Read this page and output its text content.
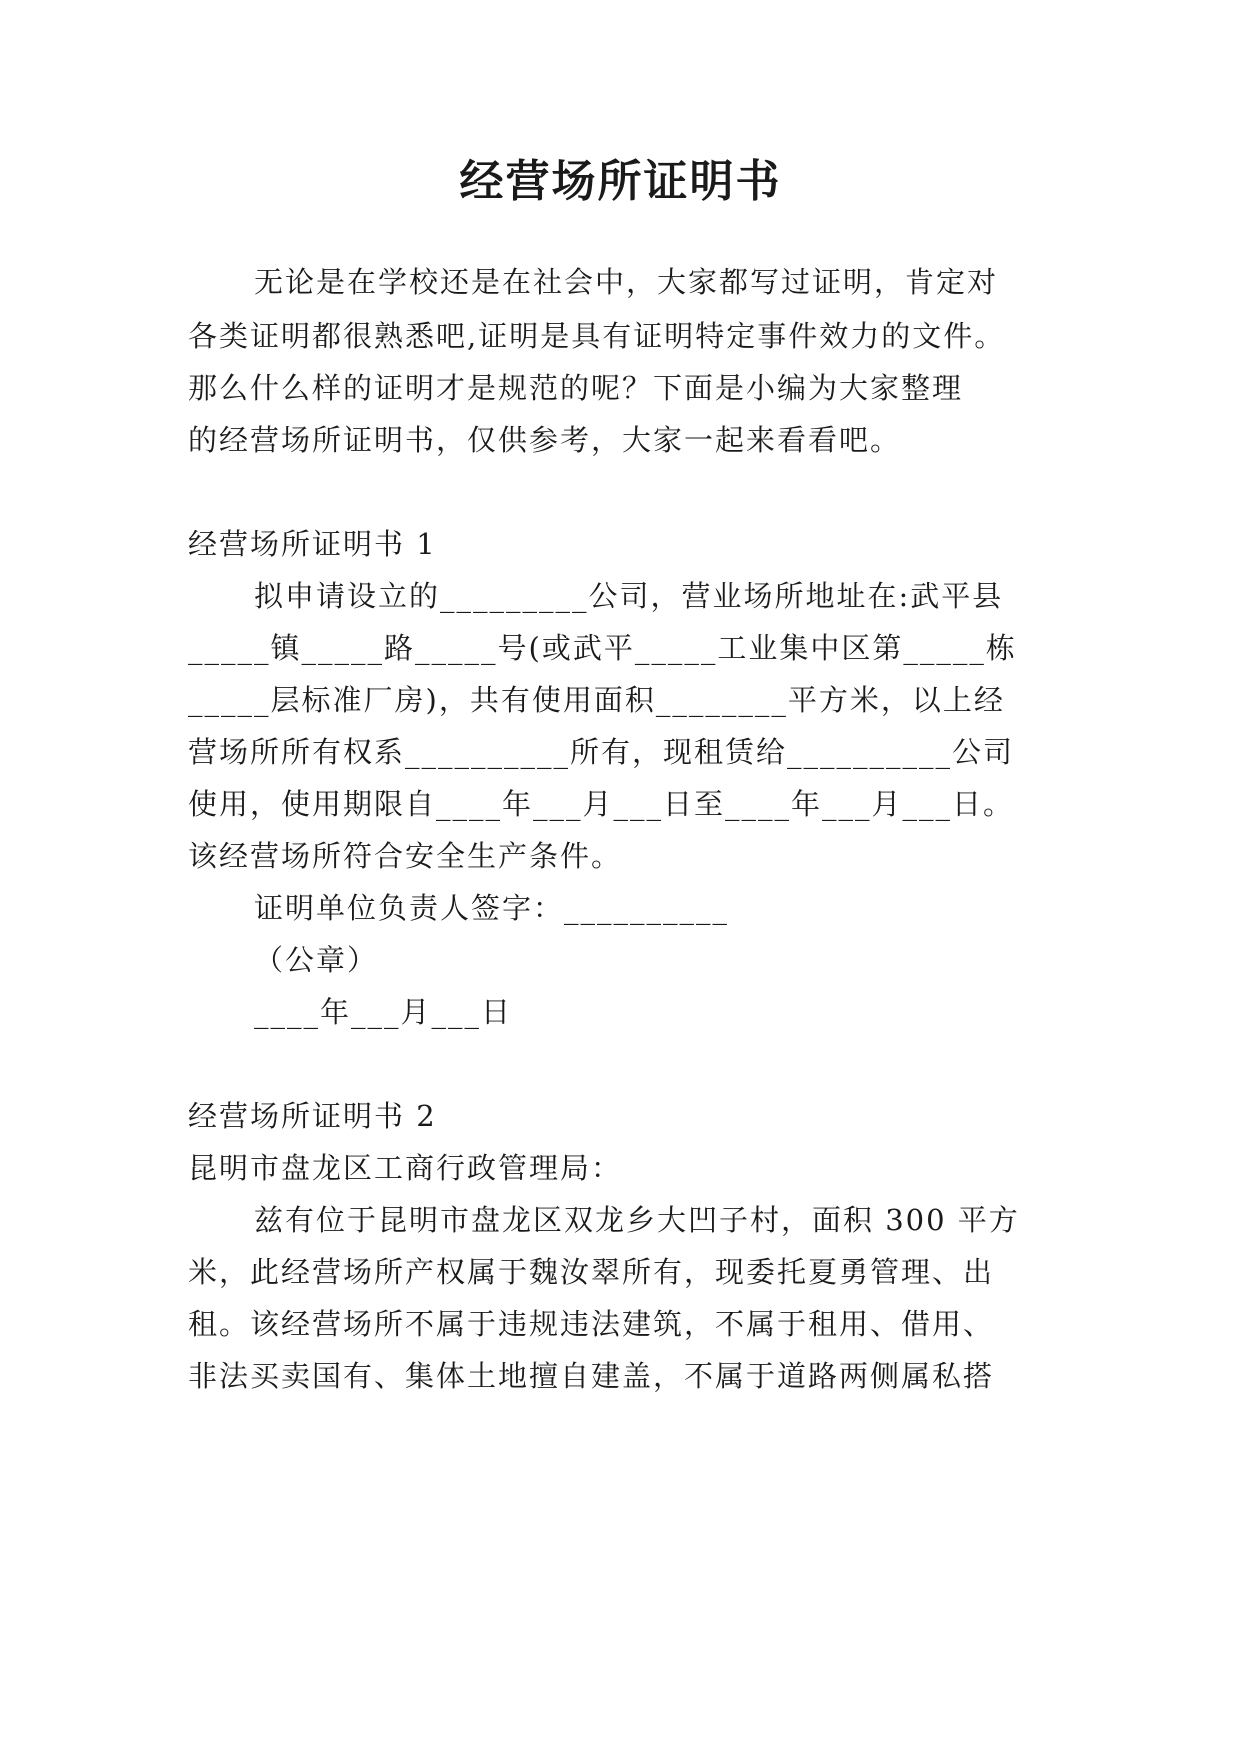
经营场所证明书
无论是在学校还是在社会中，大家都写过证明，肯定对
各类证明都很熟悉吧,证明是具有证明特定事件效力的文件。
那么什么样的证明才是规范的呢？下面是小编为大家整理
的经营场所证明书，仅供参考，大家一起来看看吧。
经营场所证明书 1
拟申请设立的_________公司，营业场所地址在:武平县
_____镇_____路_____号(或武平_____工业集中区第_____栋
_____层标准厂房)，共有使用面积________平方米，以上经
营场所所有权系__________所有，现租赁给__________公司
使用，使用期限自____年___月___日至____年___月___日。
该经营场所符合安全生产条件。
证明单位负责人签字：__________
（公章）
____年___月___日
经营场所证明书 2
昆明市盘龙区工商行政管理局：
兹有位于昆明市盘龙区双龙乡大凹子村，面积 300 平方
米，此经营场所产权属于魏汝翠所有，现委托夏勇管理、出
租。该经营场所不属于违规违法建筑，不属于租用、借用、
非法买卖国有、集体土地擅自建盖，不属于道路两侧属私搭
